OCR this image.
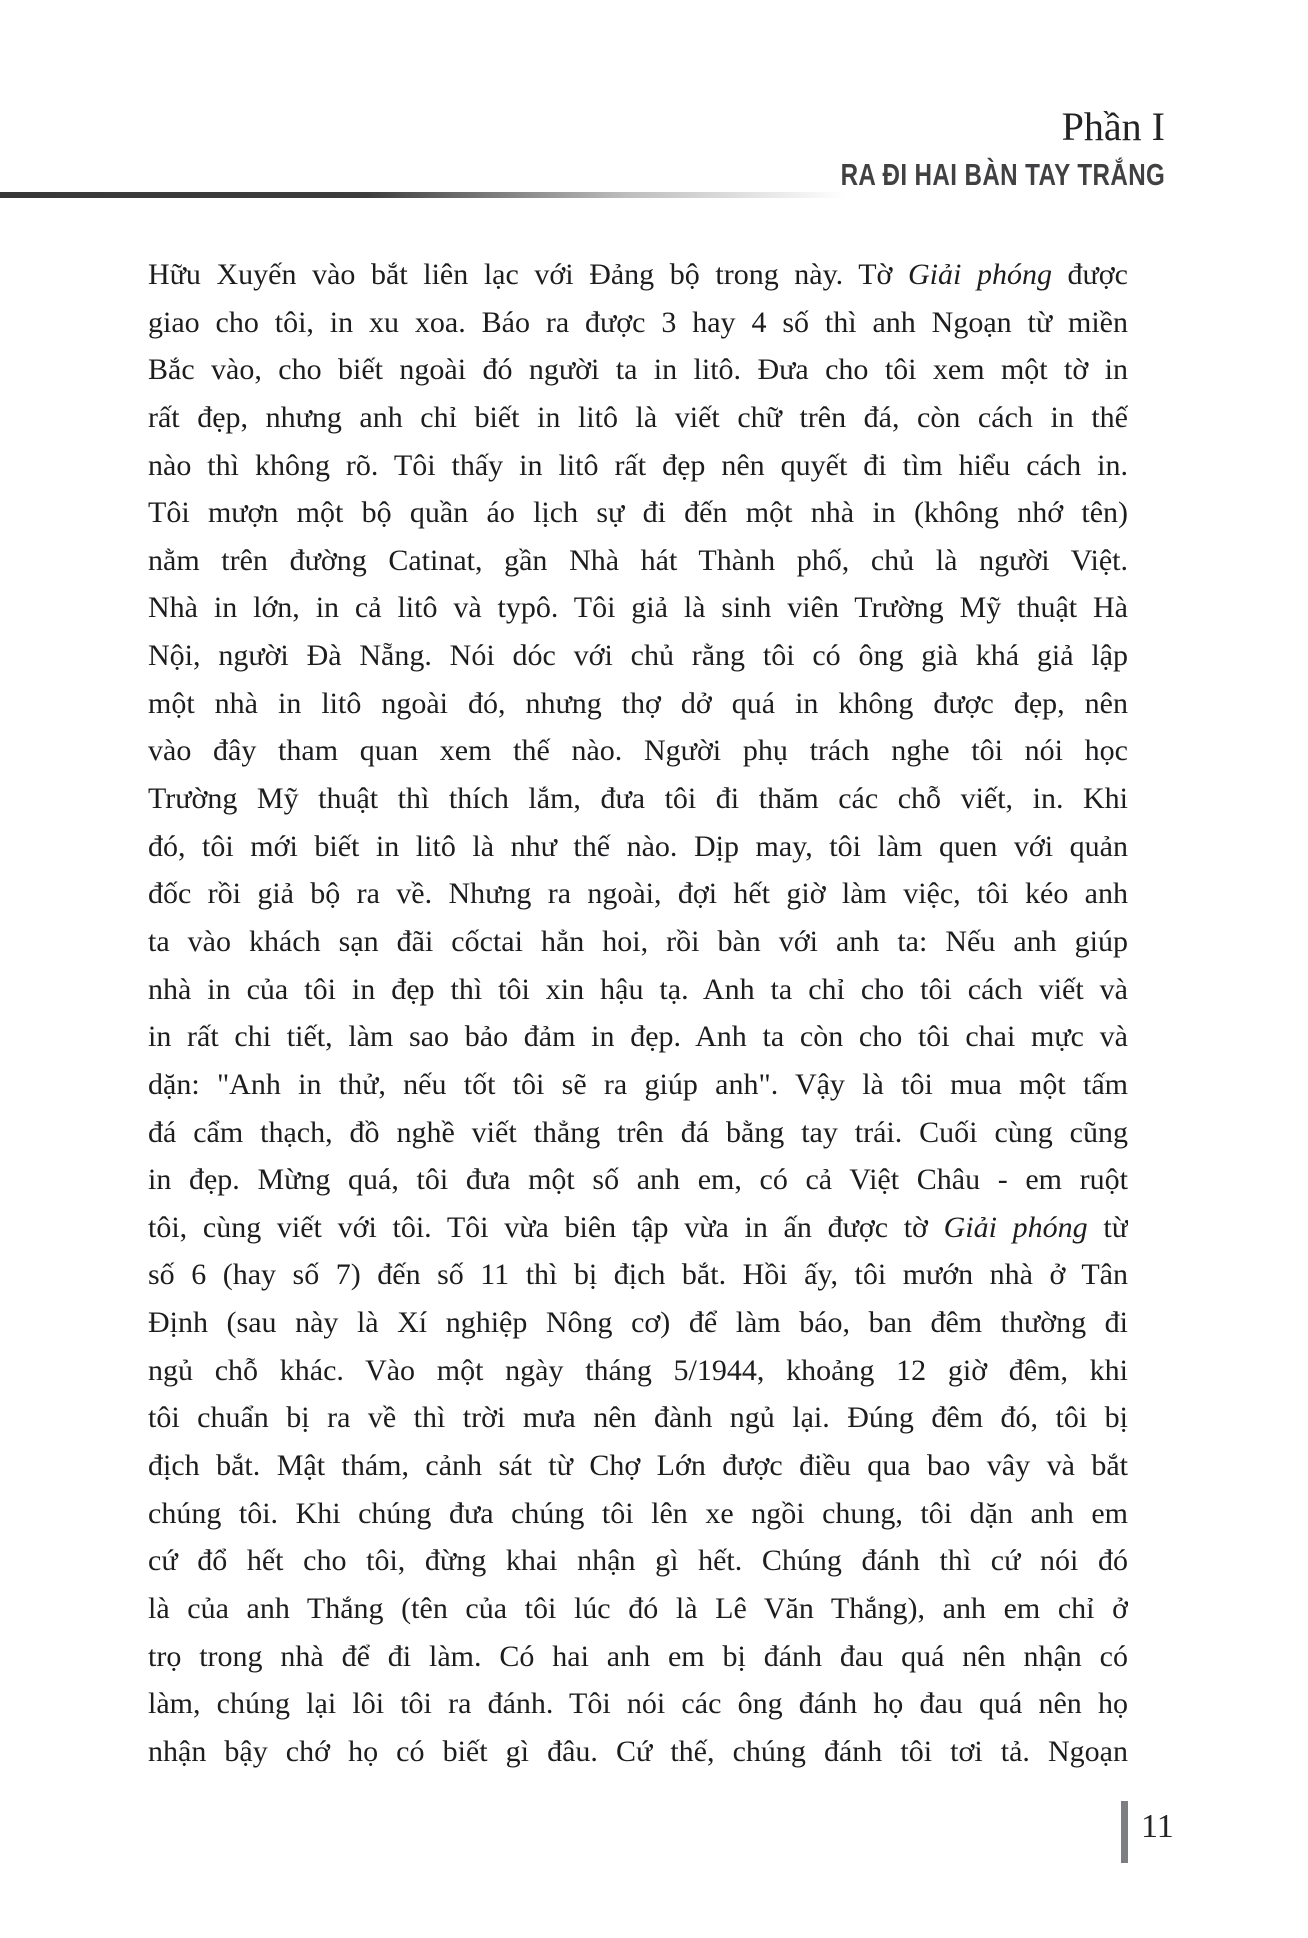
Phần I
RA ĐI HAI BÀN TAY TRẮNG
Hữu Xuyến vào bắt liên lạc với Đảng bộ trong này. Tờ Giải phóng được
giao cho tôi, in xu xoa. Báo ra được 3 hay 4 số thì anh Ngoạn từ miền
Bắc vào, cho biết ngoài đó người ta in litô. Đưa cho tôi xem một tờ in
rất đẹp, nhưng anh chỉ biết in litô là viết chữ trên đá, còn cách in thế
nào thì không rõ. Tôi thấy in litô rất đẹp nên quyết đi tìm hiểu cách in.
Tôi mượn một bộ quần áo lịch sự đi đến một nhà in (không nhớ tên)
nằm trên đường Catinat, gần Nhà hát Thành phố, chủ là người Việt.
Nhà in lớn, in cả litô và typô. Tôi giả là sinh viên Trường Mỹ thuật Hà
Nội, người Đà Nẵng. Nói dóc với chủ rằng tôi có ông già khá giả lập
một nhà in litô ngoài đó, nhưng thợ dở quá in không được đẹp, nên
vào đây tham quan xem thế nào. Người phụ trách nghe tôi nói học
Trường Mỹ thuật thì thích lắm, đưa tôi đi thăm các chỗ viết, in. Khi
đó, tôi mới biết in litô là như thế nào. Dịp may, tôi làm quen với quản
đốc rồi giả bộ ra về. Nhưng ra ngoài, đợi hết giờ làm việc, tôi kéo anh
ta vào khách sạn đãi cốctai hẳn hoi, rồi bàn với anh ta: Nếu anh giúp
nhà in của tôi in đẹp thì tôi xin hậu tạ. Anh ta chỉ cho tôi cách viết và
in rất chi tiết, làm sao bảo đảm in đẹp. Anh ta còn cho tôi chai mực và
dặn: "Anh in thử, nếu tốt tôi sẽ ra giúp anh". Vậy là tôi mua một tấm
đá cẩm thạch, đồ nghề viết thẳng trên đá bằng tay trái. Cuối cùng cũng
in đẹp. Mừng quá, tôi đưa một số anh em, có cả Việt Châu - em ruột
tôi, cùng viết với tôi. Tôi vừa biên tập vừa in ấn được tờ Giải phóng từ
số 6 (hay số 7) đến số 11 thì bị địch bắt. Hồi ấy, tôi mướn nhà ở Tân
Định (sau này là Xí nghiệp Nông cơ) để làm báo, ban đêm thường đi
ngủ chỗ khác. Vào một ngày tháng 5/1944, khoảng 12 giờ đêm, khi
tôi chuẩn bị ra về thì trời mưa nên đành ngủ lại. Đúng đêm đó, tôi bị
địch bắt. Mật thám, cảnh sát từ Chợ Lớn được điều qua bao vây và bắt
chúng tôi. Khi chúng đưa chúng tôi lên xe ngồi chung, tôi dặn anh em
cứ đổ hết cho tôi, đừng khai nhận gì hết. Chúng đánh thì cứ nói đó
là của anh Thắng (tên của tôi lúc đó là Lê Văn Thắng), anh em chỉ ở
trọ trong nhà để đi làm. Có hai anh em bị đánh đau quá nên nhận có
làm, chúng lại lôi tôi ra đánh. Tôi nói các ông đánh họ đau quá nên họ
nhận bậy chớ họ có biết gì đâu. Cứ thế, chúng đánh tôi tơi tả. Ngoạn
11
